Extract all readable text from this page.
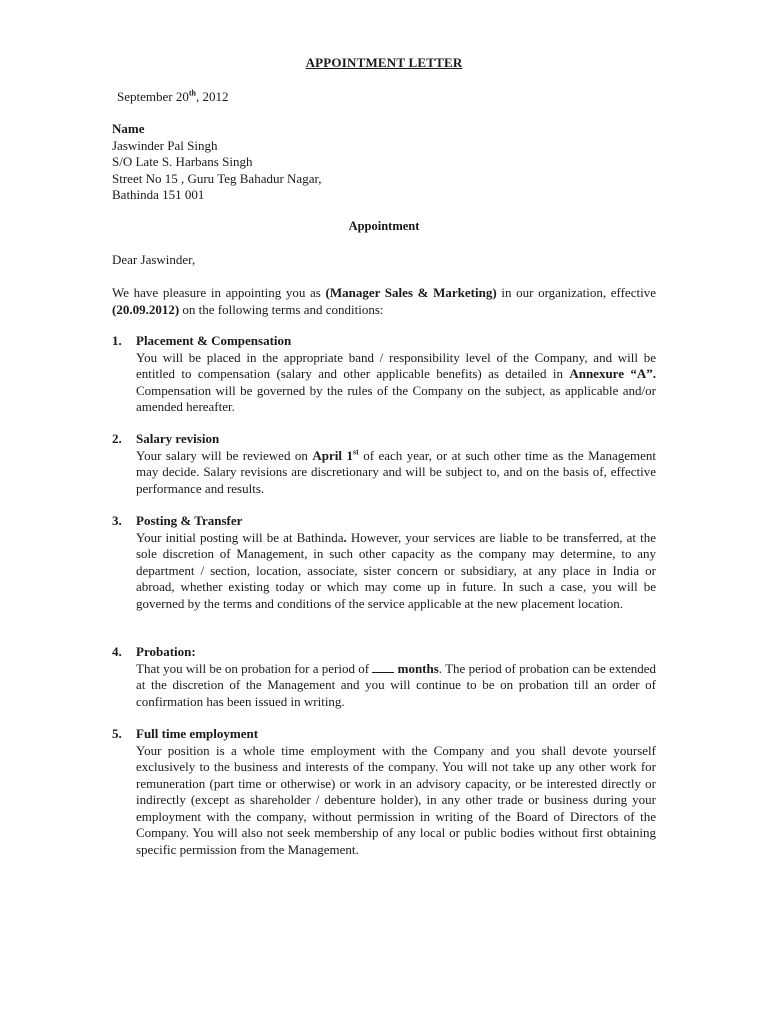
APPOINTMENT LETTER
September 20th, 2012
Name
Jaswinder Pal Singh
S/O Late S. Harbans Singh
Street No 15 , Guru Teg Bahadur Nagar,
Bathinda 151 001
Appointment
Dear Jaswinder,
We have pleasure in appointing you as (Manager Sales & Marketing) in our organization, effective (20.09.2012) on the following terms and conditions:
1.	Placement & Compensation
You will be placed in the appropriate band / responsibility level of the Company, and will be entitled to compensation (salary and other applicable benefits) as detailed in Annexure “A”. Compensation will be governed by the rules of the Company on the subject, as applicable and/or amended hereafter.
2.	Salary revision
Your salary will be reviewed on April 1st of each year, or at such other time as the Management may decide. Salary revisions are discretionary and will be subject to, and on the basis of, effective performance and results.
3.	Posting & Transfer
Your initial posting will be at Bathinda. However, your services are liable to be transferred, at the sole discretion of Management, in such other capacity as the company may determine, to any department / section, location, associate, sister concern or subsidiary, at any place in India or abroad, whether existing today or which may come up in future. In such a case, you will be governed by the terms and conditions of the service applicable at the new placement location.
4.	Probation:
That you will be on probation for a period of  months. The period of probation can be extended at the discretion of the Management and you will continue to be on probation till an order of confirmation has been issued in writing.
5.	Full time employment
Your position is a whole time employment with the Company and you shall devote yourself exclusively to the business and interests of the company. You will not take up any other work for remuneration (part time or otherwise) or work in an advisory capacity, or be interested directly or indirectly (except as shareholder / debenture holder), in any other trade or business during your employment with the company, without permission in writing of the Board of Directors of the Company. You will also not seek membership of any local or public bodies without first obtaining specific permission from the Management.
